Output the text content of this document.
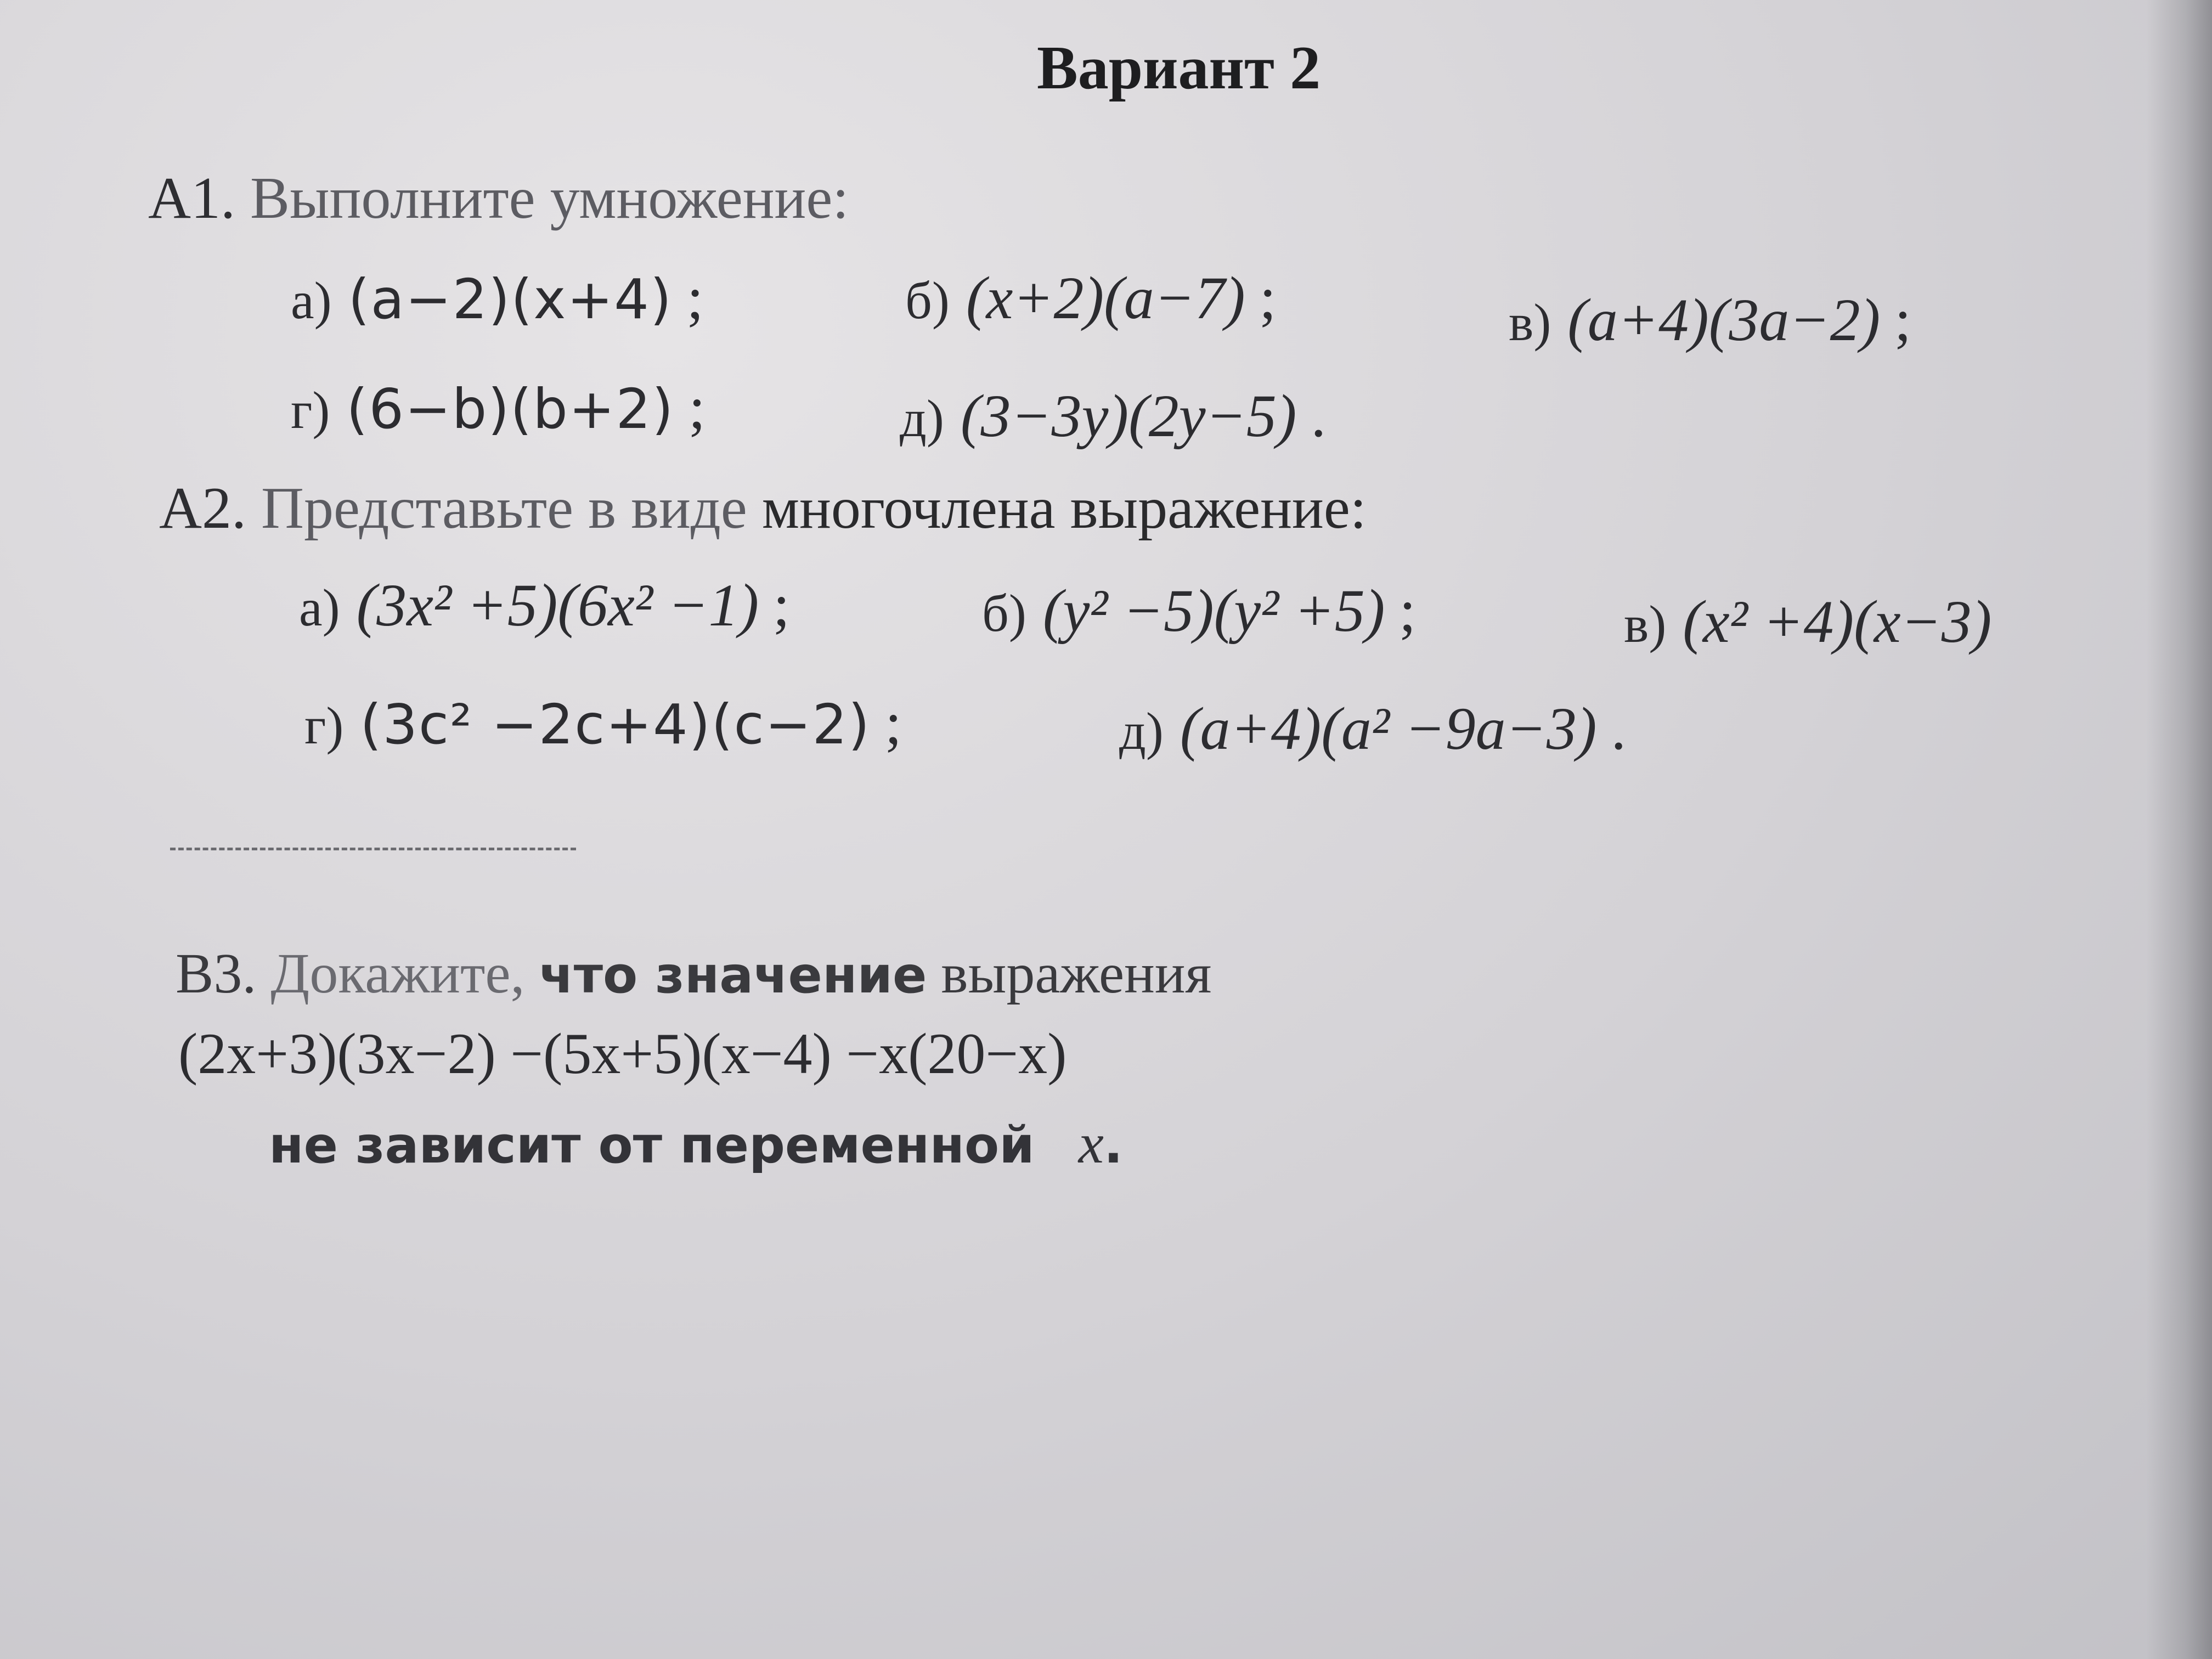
Вариант 2
А1. Выполните умножение:
а) (a−2)(x+4) ;	б) (x+2)(a−7) ;	в) (a+4)(3a−2) ;
г) (6−b)(b+2) ;	д) (3−3y)(2y−5) .
А2. Представьте в виде многочлена выражение:
а) (3x² +5)(6x² −1) ;	б) (y² −5)(y² +5) ;	в) (x² +4)(x−3)
г) (3c² −2c+4)(c−2) ;	д) (a+4)(a² −9a−3) .
В3. Докажите, что значение выражения
(2x+3)(3x−2) −(5x+5)(x−4) −x(20−x)
не зависит от переменной x.
